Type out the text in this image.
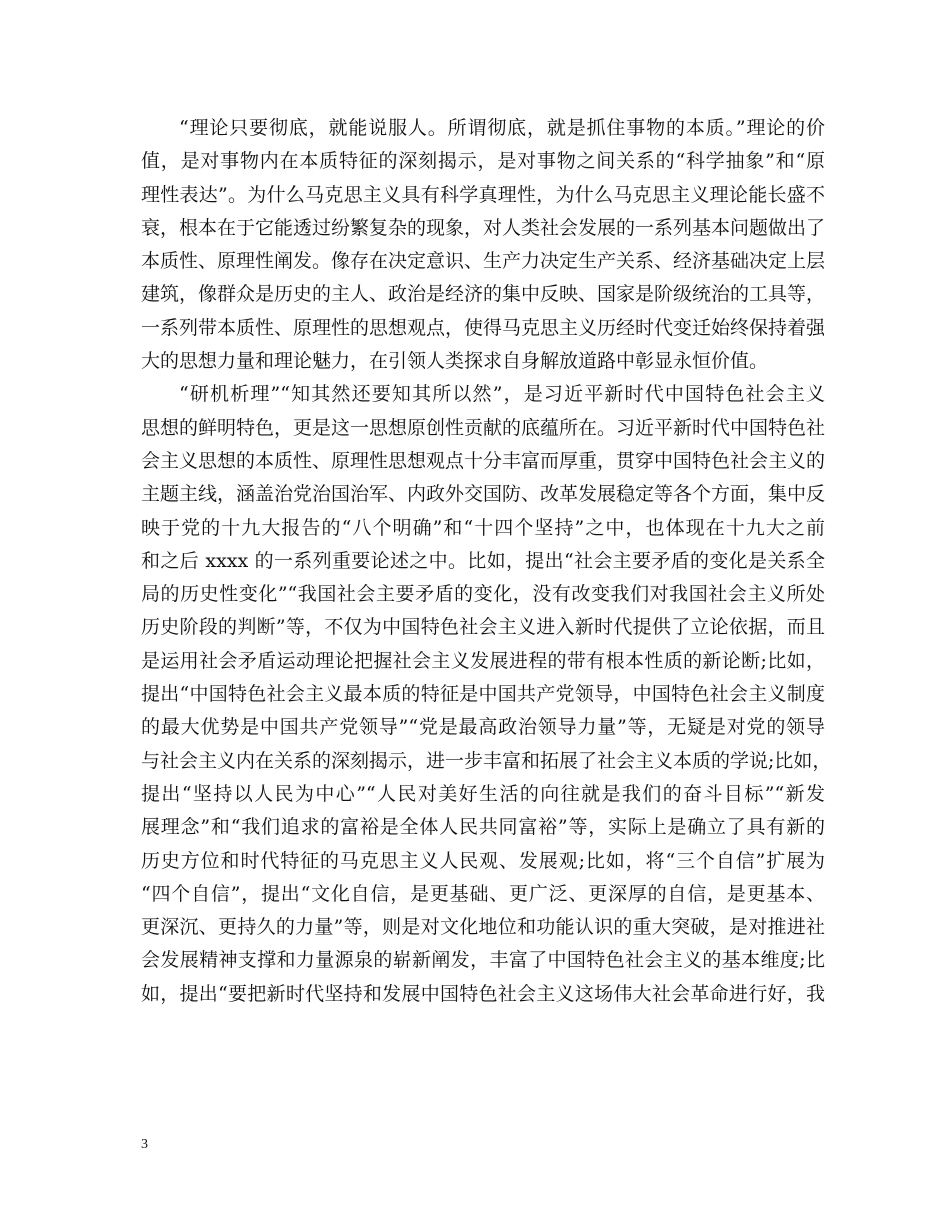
“理论只要彻底，就能说服人。所谓彻底，就是抓住事物的本质。”理论的价
值，是对事物内在本质特征的深刻揭示，是对事物之间关系的“科学抽象”和“原
理性表达”。为什么马克思主义具有科学真理性，为什么马克思主义理论能长盛不
衰，根本在于它能透过纷繁复杂的现象，对人类社会发展的一系列基本问题做出了
本质性、原理性阐发。像存在决定意识、生产力决定生产关系、经济基础决定上层
建筑，像群众是历史的主人、政治是经济的集中反映、国家是阶级统治的工具等，
一系列带本质性、原理性的思想观点，使得马克思主义历经时代变迁始终保持着强
大的思想力量和理论魅力，在引领人类探求自身解放道路中彰显永恒价值。
“研机析理”“知其然还要知其所以然”，是习近平新时代中国特色社会主义
思想的鲜明特色，更是这一思想原创性贡献的底蕴所在。习近平新时代中国特色社
会主义思想的本质性、原理性思想观点十分丰富而厚重，贯穿中国特色社会主义的
主题主线，涵盖治党治国治军、内政外交国防、改革发展稳定等各个方面，集中反
映于党的十九大报告的“八个明确”和“十四个坚持”之中，也体现在十九大之前
和之后 xxxx 的一系列重要论述之中。比如，提出“社会主要矛盾的变化是关系全
局的历史性变化”“我国社会主要矛盾的变化，没有改变我们对我国社会主义所处
历史阶段的判断”等，不仅为中国特色社会主义进入新时代提供了立论依据，而且
是运用社会矛盾运动理论把握社会主义发展进程的带有根本性质的新论断;比如，
提出“中国特色社会主义最本质的特征是中国共产党领导，中国特色社会主义制度
的最大优势是中国共产党领导”“党是最高政治领导力量”等，无疑是对党的领导
与社会主义内在关系的深刻揭示，进一步丰富和拓展了社会主义本质的学说;比如，
提出“坚持以人民为中心”“人民对美好生活的向往就是我们的奋斗目标”“新发
展理念”和“我们追求的富裕是全体人民共同富裕”等，实际上是确立了具有新的
历史方位和时代特征的马克思主义人民观、发展观;比如，将“三个自信”扩展为
“四个自信”，提出“文化自信，是更基础、更广泛、更深厚的自信，是更基本、
更深沉、更持久的力量”等，则是对文化地位和功能认识的重大突破，是对推进社
会发展精神支撑和力量源泉的崭新阐发，丰富了中国特色社会主义的基本维度;比
如，提出“要把新时代坚持和发展中国特色社会主义这场伟大社会革命进行好，我
3
